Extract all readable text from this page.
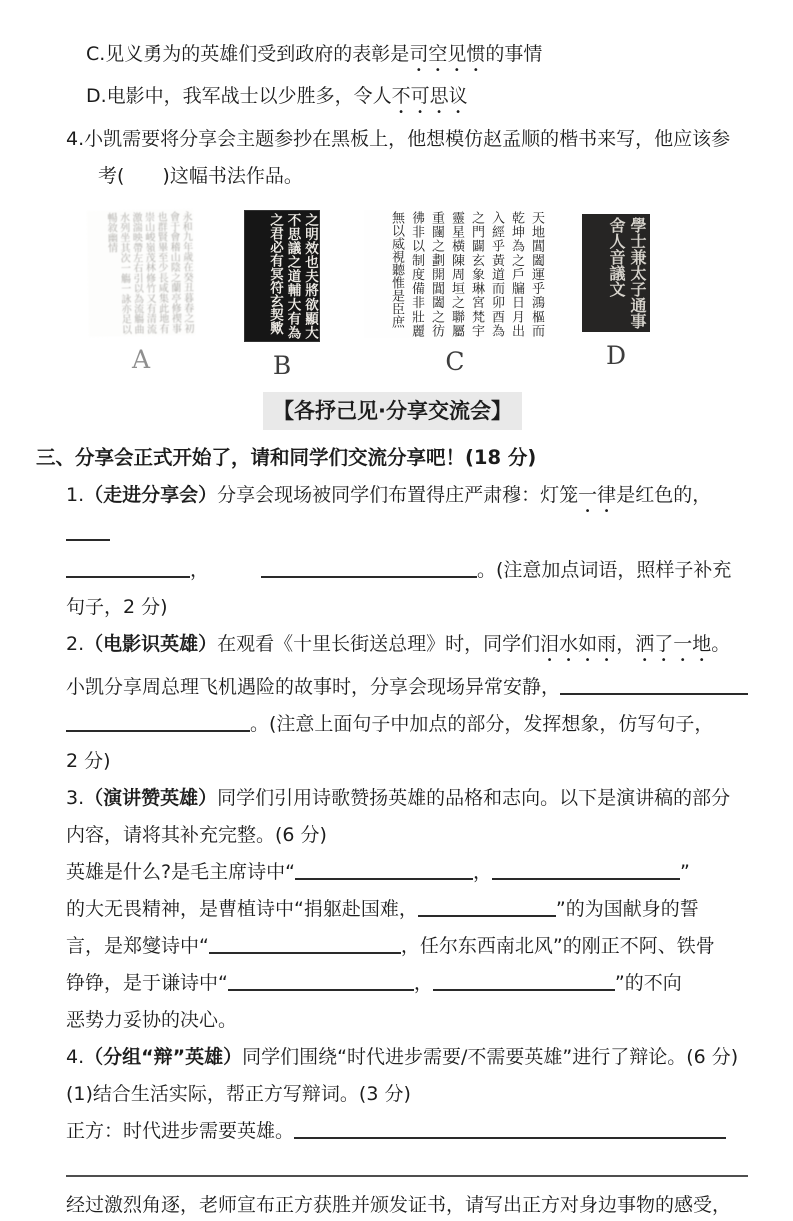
C.见义勇为的英雄们受到政府的表彰是司空见惯的事情

D.电影中，我军战士以少胜多，令人不可思议

4.小凯需要将分享会主题参抄在黑板上，他想模仿赵孟顺的楷书来写，他应该参

考(　　)这幅书法作品。

永和九年歲在癸丑暮春之初會于會稽山陰之蘭亭修禊事也群賢畢至少長咸集此地有崇山峻嶺茂林修竹又有清流激湍映帶左右引以為流觴曲水列坐其次一觴一詠亦足以暢敘幽情
A
之明效也夫將欲顯大不思議之道輔大有為之君必有冥符玄契歟
B
天地閶闔運乎鴻樞而乾坤為之戶牖日月出入經乎黃道而卯酉為之門闢玄象琳宮梵宇靈星橫陳周垣之聯屬重闥之劃開閶闔之彷彿非以制度備非壯麗無以威視聽惟是臣庶
C
學士兼太子通事舍人音議文
D
【各抒己见·分享交流会】

三、分享会正式开始了，请和同学们交流分享吧！(18 分)

1.（走进分享会）分享会现场被同学们布置得庄严肃穆：灯笼一律是红色的，

，	。(注意加点词语，照样子补充

句子，2 分)

2.（电影识英雄）在观看《十里长街送总理》时，同学们泪水如雨，洒了一地。

小凯分享周总理飞机遇险的故事时，分享会现场异常安静，

。(注意上面句子中加点的部分，发挥想象，仿写句子，

2 分)

3.（演讲赞英雄）同学们引用诗歌赞扬英雄的品格和志向。以下是演讲稿的部分

内容，请将其补充完整。(6 分)

英雄是什么?是毛主席诗中“	，	”

的大无畏精神，是曹植诗中“捐躯赴国难，	”的为国献身的誓

言，是郑燮诗中“	，任尔东西南北风”的刚正不阿、铁骨

铮铮，是于谦诗中“	，	”的不向

恶势力妥协的决心。

4.（分组“辩”英雄）同学们围绕“时代进步需要/不需要英雄”进行了辩论。(6 分)

(1)结合生活实际，帮正方写辩词。(3 分)

正方：时代进步需要英雄。

经过激烈角逐，老师宣布正方获胜并颁发证书，请写出正方对身边事物的感受，
